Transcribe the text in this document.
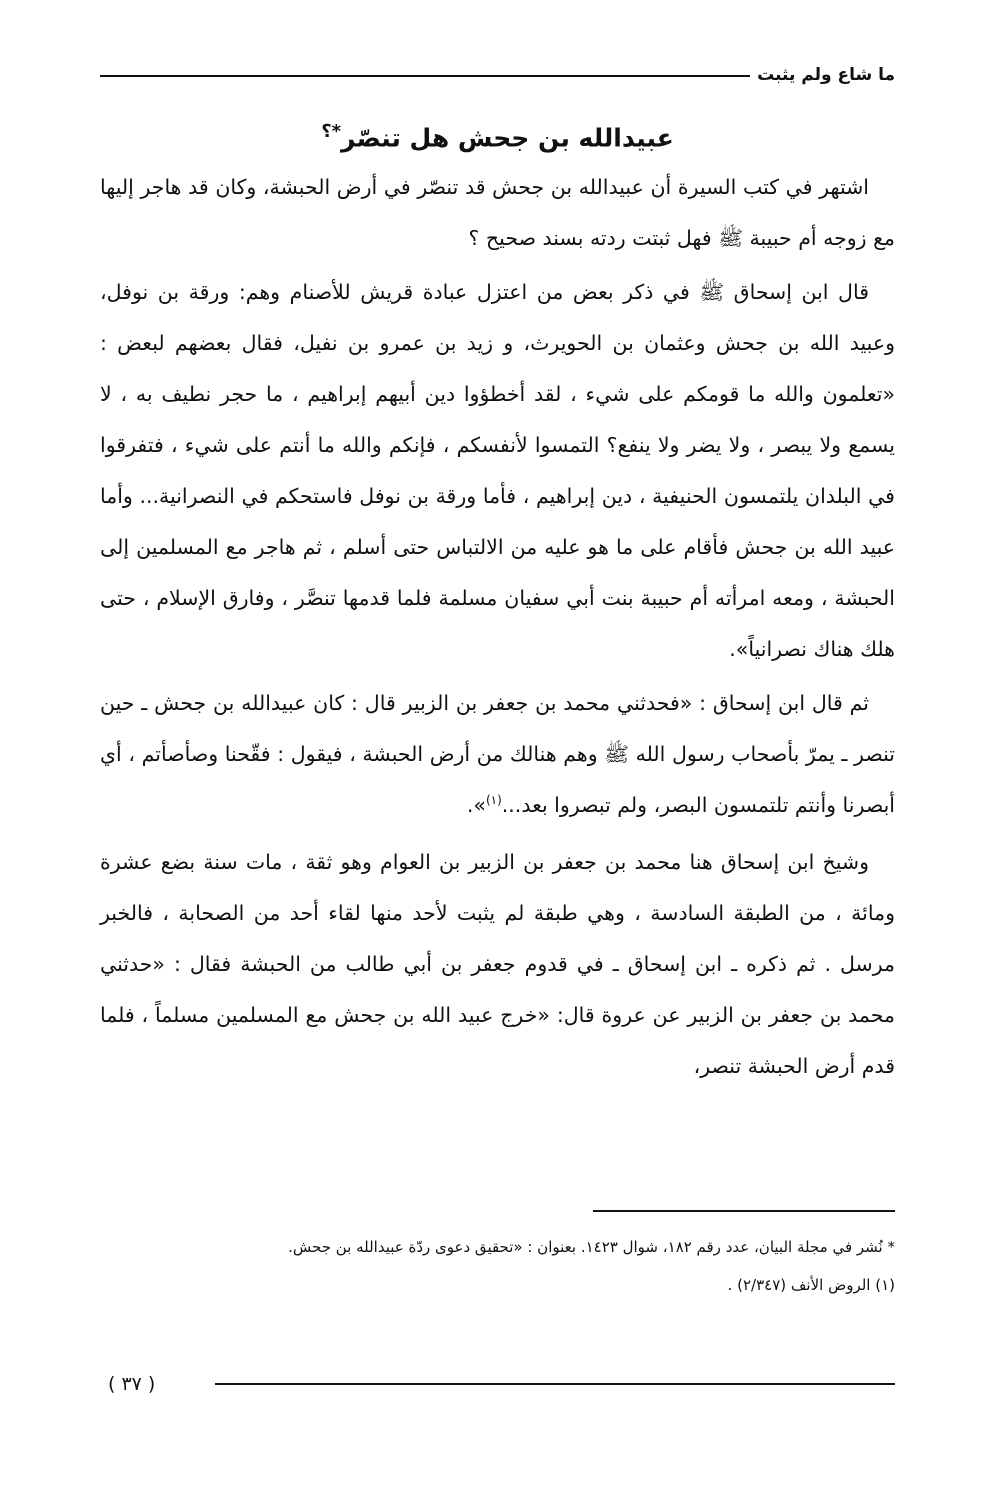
ما شاع ولم يثبت
عبيدالله بن جحش هل تنصّر*؟

اشتهر في كتب السيرة أن عبيدالله بن جحش قد تنصّر في أرض الحبشة، وكان قد هاجر إليها مع زوجه أم حبيبة ﷺ فهل ثبتت ردته بسند صحيح ؟

قال ابن إسحاق ﷺ في ذكر بعض من اعتزل عبادة قريش للأصنام وهم: ورقة بن نوفل، وعبيد الله بن جحش وعثمان بن الحويرث، و زيد بن عمرو بن نفيل، فقال بعضهم لبعض : «تعلمون والله ما قومكم على شيء ، لقد أخطؤوا دين أبيهم إبراهيم ، ما حجر نطيف به ، لا يسمع ولا يبصر ، ولا يضر ولا ينفع؟ التمسوا لأنفسكم ، فإنكم والله ما أنتم على شيء ، فتفرقوا في البلدان يلتمسون الحنيفية ، دين إبراهيم ، فأما ورقة بن نوفل فاستحكم في النصرانية... وأما عبيد الله بن جحش فأقام على ما هو عليه من الالتباس حتى أسلم ، ثم هاجر مع المسلمين إلى الحبشة ، ومعه امرأته أم حبيبة بنت أبي سفيان مسلمة فلما قدمها تنصَّر ، وفارق الإسلام ، حتى هلك هناك نصرانياً».

ثم قال ابن إسحاق : «فحدثني محمد بن جعفر بن الزبير قال : كان عبيدالله بن جحش ـ حين تنصر ـ يمرّ بأصحاب رسول الله ﷺ وهم هنالك من أرض الحبشة ، فيقول : فقّحنا وصأصأتم ، أي أبصرنا وأنتم تلتمسون البصر، ولم تبصروا بعد...$^{(١)}$».

وشيخ ابن إسحاق هنا محمد بن جعفر بن الزبير بن العوام وهو ثقة ، مات سنة بضع عشرة ومائة ، من الطبقة السادسة ، وهي طبقة لم يثبت لأحد منها لقاء أحد من الصحابة ، فالخبر مرسل . ثم ذكره ـ ابن إسحاق ـ في قدوم جعفر بن أبي طالب من الحبشة فقال : «حدثني محمد بن جعفر بن الزبير عن عروة قال: «خرج عبيد الله بن جحش مع المسلمين مسلماً ، فلما قدم أرض الحبشة تنصر،

* نُشر في مجلة البيان، عدد رقم ١٨٢، شوال ١٤٢٣. بعنوان : «تحقيق دعوى ردّة عبيدالله بن جحش.

(١) الروض الأنف (٢/٣٤٧) .

( ٣٧ )
